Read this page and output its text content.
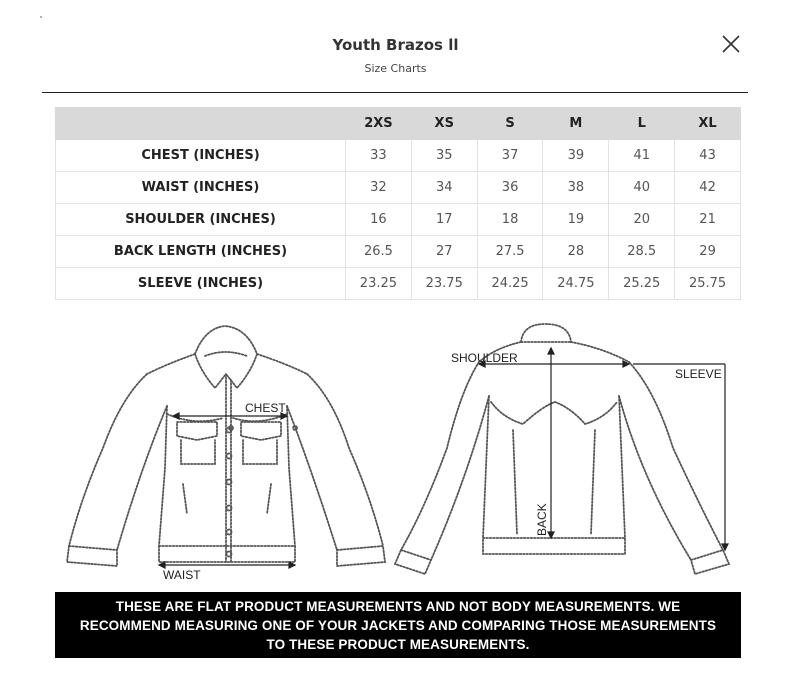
Youth Brazos ll
Size Charts
	2XS	XS	S	M	L	XL
CHEST (INCHES)	33	35	37	39	41	43
WAIST (INCHES)	32	34	36	38	40	42
SHOULDER (INCHES)	16	17	18	19	20	21
BACK LENGTH (INCHES)	26.5	27	27.5	28	28.5	29
SLEEVE (INCHES)	23.25	23.75	24.25	24.75	25.25	25.75
CHEST
WAIST
SHOULDER
SLEEVE
BACK
THESE ARE FLAT PRODUCT MEASUREMENTS AND NOT BODY MEASUREMENTS. WE RECOMMEND MEASURING ONE OF YOUR JACKETS AND COMPARING THOSE MEASUREMENTS TO THESE PRODUCT MEASUREMENTS.
